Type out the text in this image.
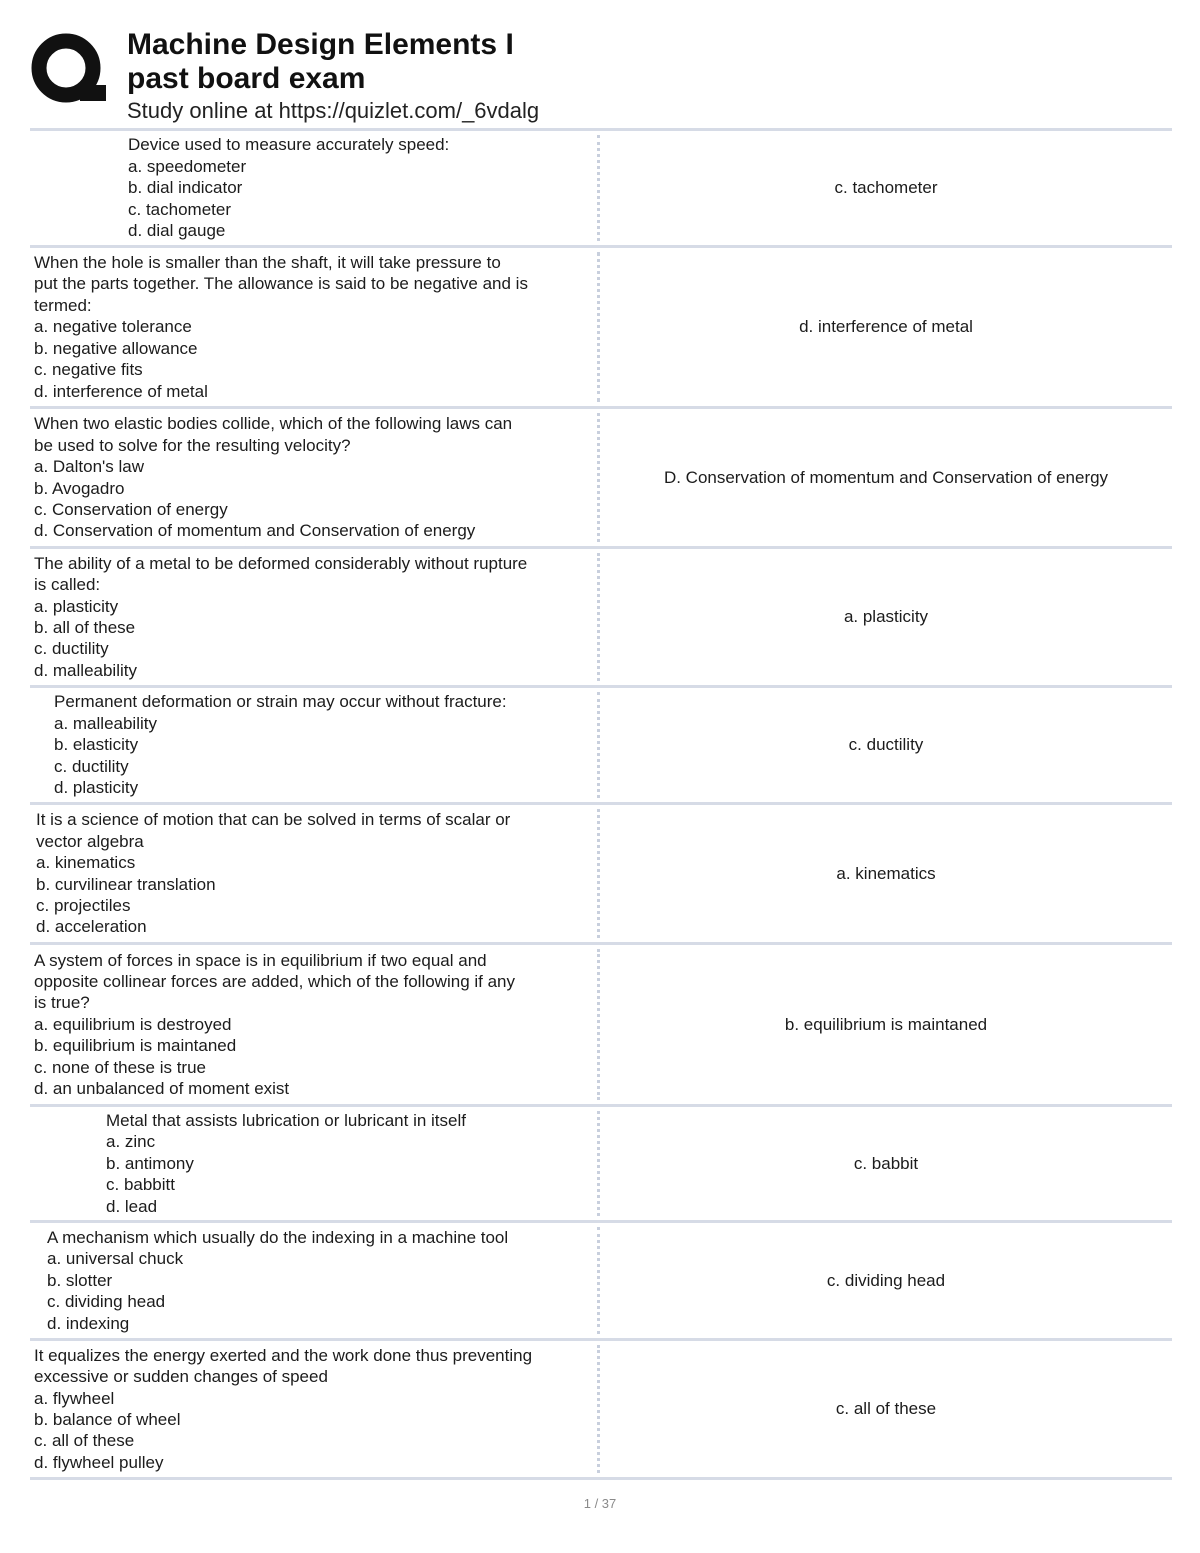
Machine Design Elements I
past board exam
Study online at https://quizlet.com/_6vdalg
Device used to measure accurately speed:
a. speedometer
b. dial indicator
c. tachometer
d. dial gauge
c. tachometer
When the hole is smaller than the shaft, it will take pressure to
put the parts together. The allowance is said to be negative and is
termed:
a. negative tolerance
b. negative allowance
c. negative fits
d. interference of metal
d. interference of metal
When two elastic bodies collide, which of the following laws can
be used to solve for the resulting velocity?
a. Dalton's law
b. Avogadro
c. Conservation of energy
d. Conservation of momentum and Conservation of energy
D. Conservation of momentum and Conservation of energy
The ability of a metal to be deformed considerably without rupture
is called:
a. plasticity
b. all of these
c. ductility
d. malleability
a. plasticity
Permanent deformation or strain may occur without fracture:
a. malleability
b. elasticity
c. ductility
d. plasticity
c. ductility
It is a science of motion that can be solved in terms of scalar or
vector algebra
a. kinematics
b. curvilinear translation
c. projectiles
d. acceleration
a. kinematics
A system of forces in space is in equilibrium if two equal and
opposite collinear forces are added, which of the following if any
is true?
a. equilibrium is destroyed
b. equilibrium is maintaned
c. none of these is true
d. an unbalanced of moment exist
b. equilibrium is maintaned
Metal that assists lubrication or lubricant in itself
a. zinc
b. antimony
c. babbitt
d. lead
c. babbit
A mechanism which usually do the indexing in a machine tool
a. universal chuck
b. slotter
c. dividing head
d. indexing
c. dividing head
It equalizes the energy exerted and the work done thus preventing
excessive or sudden changes of speed
a. flywheel
b. balance of wheel
c. all of these
d. flywheel pulley
c. all of these
1 / 37
